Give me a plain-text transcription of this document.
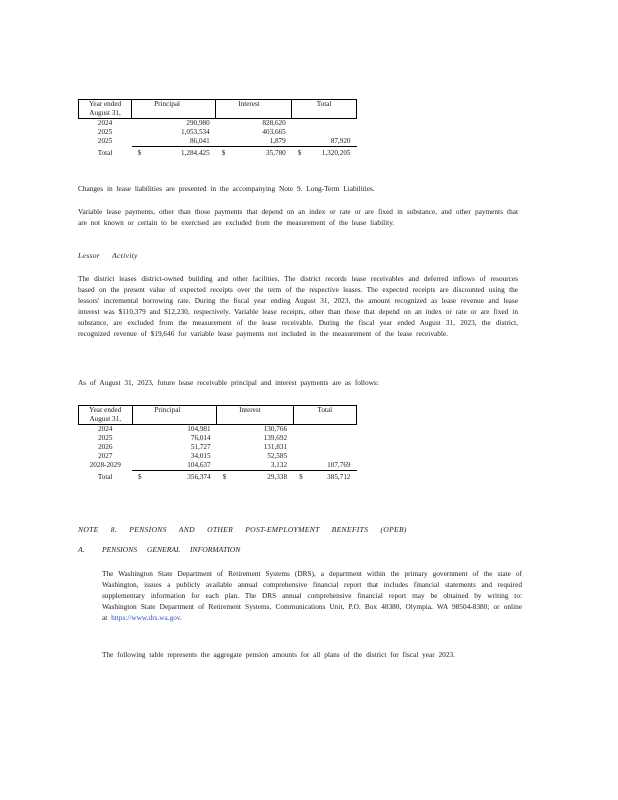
Year ended August 31,	Principal	Interest	Total
2024	290,980	828,620	
2025	1,053,534	403,665	
2025	86,041	1,879	87,920
Total	$ 1,284,425	$ 35,780	$ 1,320,205

Changes in lease liabilities are presented in the accompanying Note 9. Long-Term Liabilities.

Variable lease payments, other than those payments that depend on an index or rate or are fixed in substance, and other payments that are not known or certain to be exercised are excluded from the measurement of the lease liability.

Lessor Activity

The district leases district-owned building and other facilities. The district records lease receivables and deferred inflows of resources based on the present value of expected receipts over the term of the respective leases. The expected receipts are discounted using the lessors' incremental borrowing rate. During the fiscal year ending August 31, 2023, the amount recognized as lease revenue and lease interest was $110,379 and $12,230, respectively. Variable lease receipts, other than those that depend on an index or rate or are fixed in substance, are excluded from the measurement of the lease receivable. During the fiscal year ended August 31, 2023, the district, recognized revenue of $19,646 for variable lease payments not included in the measurement of the lease receivable.

As of August 31, 2023, future lease receivable principal and interest payments are as follows:

Year ended August 31,	Principal	Interest	Total
2024	104,981	130,766	
2025	76,014	139,692	
2026	51,727	131,831	
2027	34,015	52,585	
2028-2029	104,637	3,132	107,769
Total	$ 356,374	$ 29,338	$ 385,712

NOTE 8. PENSIONS AND OTHER POST-EMPLOYMENT BENEFITS (OPEB)

A. PENSIONS GENERAL INFORMATION

The Washington State Department of Retirement Systems (DRS), a department within the primary government of the state of Washington, issues a publicly available annual comprehensive financial report that includes financial statements and required supplementary information for each plan. The DRS annual comprehensive financial report may be obtained by writing to: Washington State Department of Retirement Systems, Communications Unit, P.O. Box 48380, Olympia, WA 98504-8380; or online at https://www.drs.wa.gov.

The following table represents the aggregate pension amounts for all plans of the district for fiscal year 2023.
